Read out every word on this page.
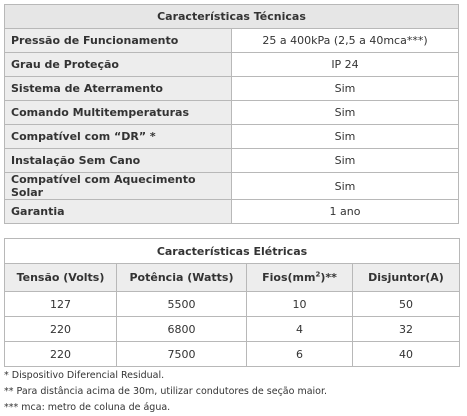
Características Técnicas	
Pressão de Funcionamento	25 a 400kPa (2,5 a 40mca***)
Grau de Proteção	IP 24
Sistema de Aterramento	Sim
Comando Multitemperaturas	Sim
Compatível com “DR” *	Sim
Instalação Sem Cano	Sim
Compatível com Aquecimento Solar	Sim
Garantia	1 ano
Características Elétricas			
Tensão (Volts)	Potência (Watts)	$Fios(mm^2)**$	Disjuntor(A)
127	5500	10	50
220	6800	4	32
220	7500	6	40
* Dispositivo Diferencial Residual.
** Para distância acima de 30m, utilizar condutores de seção maior.
*** mca: metro de coluna de água.
